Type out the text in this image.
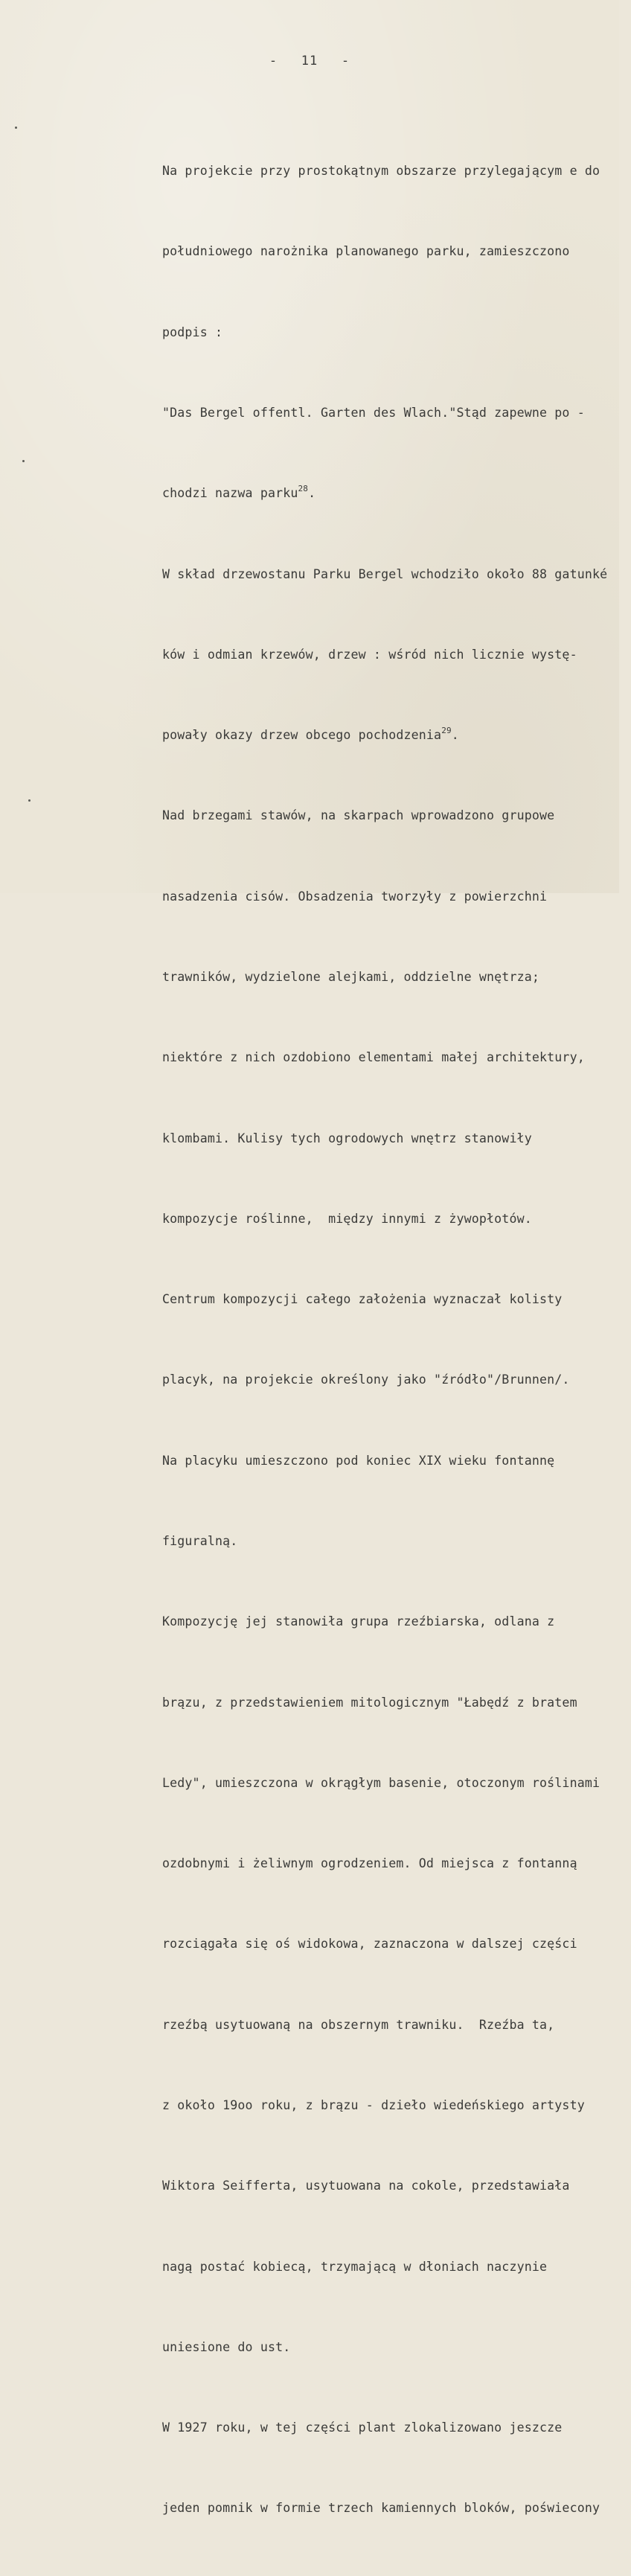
- 11 -

Na projekcie przy prostokątnym obszarze przylegającym e do

południowego narożnika planowanego parku, zamieszczono

podpis :

"Das Bergel offentl. Garten des Wlach."Stąd zapewne po -

chodzi nazwa parku$^{28}$.

W skład drzewostanu Parku Bergel wchodziło około 88 gatunké

ków i odmian krzewów, drzew : wśród nich licznie wystę-

powały okazy drzew obcego pochodzenia$^{29}$.

Nad brzegami stawów, na skarpach wprowadzono grupowe

nasadzenia cisów. Obsadzenia tworzyły z powierzchni

trawników, wydzielone alejkami, oddzielne wnętrza;

niektóre z nich ozdobiono elementami małej architektury,

klombami. Kulisy tych ogrodowych wnętrz stanowiły

kompozycje roślinne,  między innymi z żywopłotów.

Centrum kompozycji całego założenia wyznaczał kolisty

placyk, na projekcie określony jako "źródło"/Brunnen/.

Na placyku umieszczono pod koniec XIX wieku fontannę

figuralną.

Kompozycję jej stanowiła grupa rzeźbiarska, odlana z

brązu, z przedstawieniem mitologicznym "Łabędź z bratem

Ledy", umieszczona w okrągłym basenie, otoczonym roślinami

ozdobnymi i żeliwnym ogrodzeniem. Od miejsca z fontanną

rozciągała się oś widokowa, zaznaczona w dalszej części

rzeźbą usytuowaną na obszernym trawniku.  Rzeźba ta,

z około 19oo roku, z brązu - dzieło wiedeńskiego artysty

Wiktora Seifferta, usytuowana na cokole, przedstawiała

nagą postać kobiecą, trzymającą w dłoniach naczynie

uniesione do ust.

W 1927 roku, w tej części plant zlokalizowano jeszcze

jeden pomnik w formie trzech kamiennych bloków, poświecony
